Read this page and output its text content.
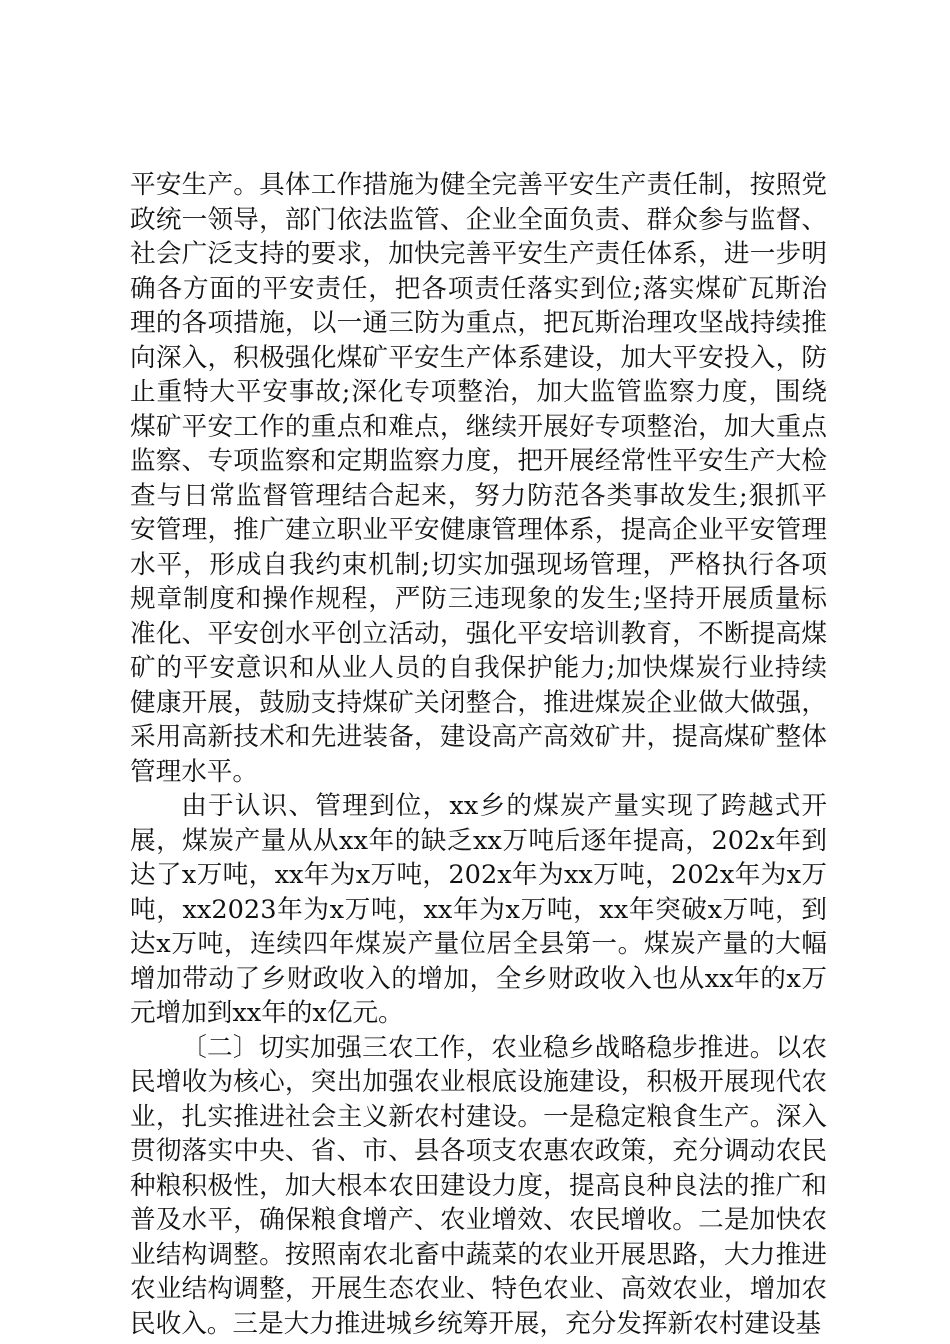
平安生产。具体工作措施为健全完善平安生产责任制，按照党政统一领导，部门依法监管、企业全面负责、群众参与监督、社会广泛支持的要求，加快完善平安生产责任体系，进一步明确各方面的平安责任，把各项责任落实到位;落实煤矿瓦斯治理的各项措施，以一通三防为重点，把瓦斯治理攻坚战持续推向深入，积极强化煤矿平安生产体系建设，加大平安投入，防止重特大平安事故;深化专项整治，加大监管监察力度，围绕煤矿平安工作的重点和难点，继续开展好专项整治，加大重点监察、专项监察和定期监察力度，把开展经常性平安生产大检查与日常监督管理结合起来，努力防范各类事故发生;狠抓平安管理，推广建立职业平安健康管理体系，提高企业平安管理水平，形成自我约束机制;切实加强现场管理，严格执行各项规章制度和操作规程，严防三违现象的发生;坚持开展质量标准化、平安创水平创立活动，强化平安培训教育，不断提高煤矿的平安意识和从业人员的自我保护能力;加快煤炭行业持续健康开展，鼓励支持煤矿关闭整合，推进煤炭企业做大做强，采用高新技术和先进装备，建设高产高效矿井，提高煤矿整体管理水平。

由于认识、管理到位，xx乡的煤炭产量实现了跨越式开展，煤炭产量从从xx年的缺乏xx万吨后逐年提高，202x年到达了x万吨，xx年为x万吨，202x年为xx万吨，202x年为x万吨，xx2023年为x万吨，xx年为x万吨，xx年突破x万吨，到达x万吨，连续四年煤炭产量位居全县第一。煤炭产量的大幅增加带动了乡财政收入的增加，全乡财政收入也从xx年的x万元增加到xx年的x亿元。

〔二〕切实加强三农工作，农业稳乡战略稳步推进。以农民增收为核心，突出加强农业根底设施建设，积极开展现代农业，扎实推进社会主义新农村建设。一是稳定粮食生产。深入贯彻落实中央、省、市、县各项支农惠农政策，充分调动农民种粮积极性，加大根本农田建设力度，提高良种良法的推广和普及水平，确保粮食增产、农业增效、农民增收。二是加快农业结构调整。按照南农北畜中蔬菜的农业开展思路，大力推进农业结构调整，开展生态农业、特色农业、高效农业，增加农民收入。三是大力推进城乡统筹开展，充分发挥新农村建设基
